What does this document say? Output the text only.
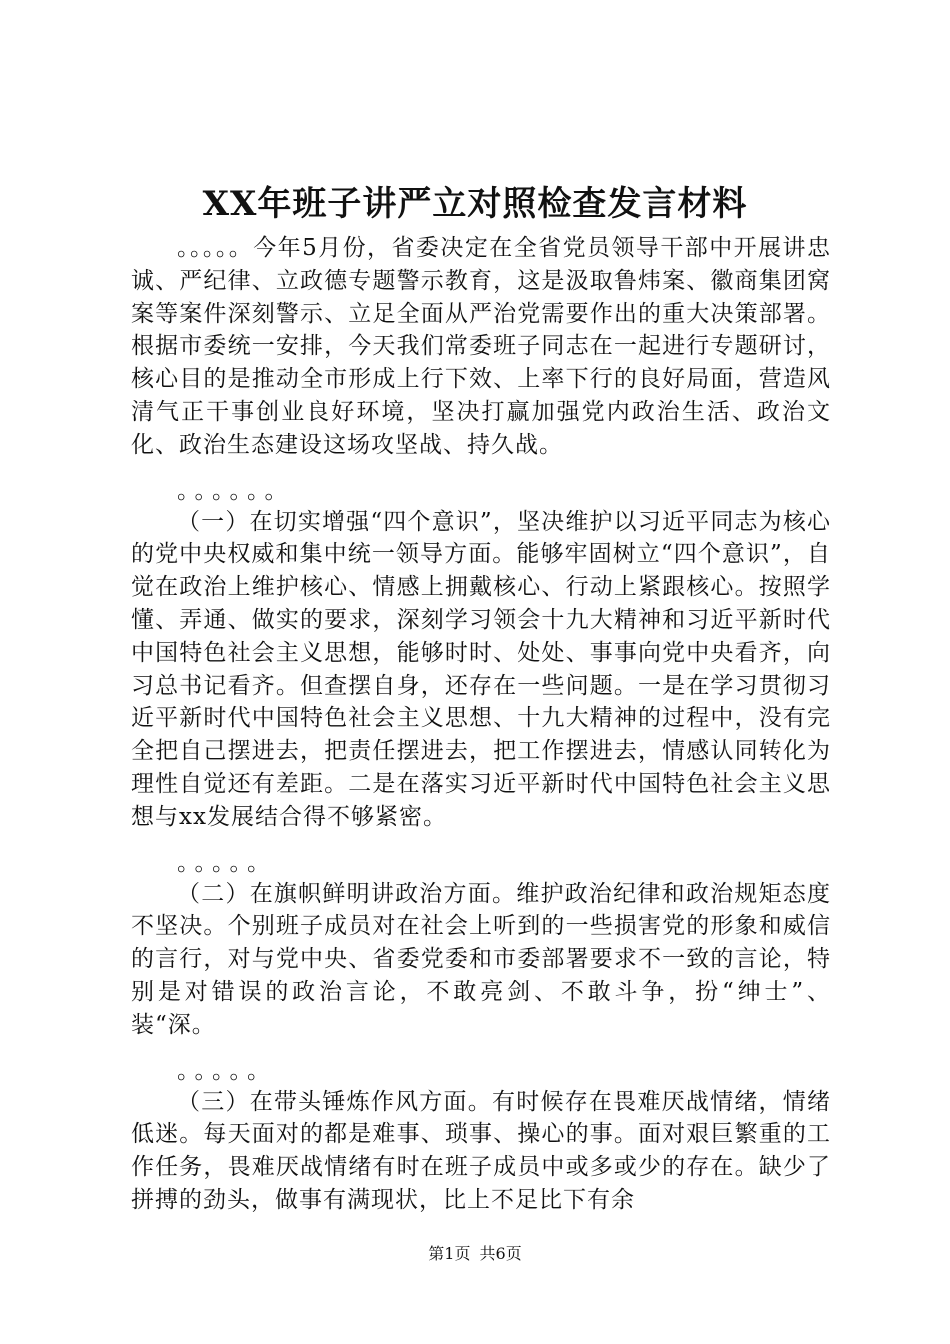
XX年班子讲严立对照检查发言材料

。。。。。今年5月份，省委决定在全省党员领导干部中开展讲忠诚、严纪律、立政德专题警示教育，这是汲取鲁炜案、徽商集团窝案等案件深刻警示、立足全面从严治党需要作出的重大决策部署。根据市委统一安排，今天我们常委班子同志在一起进行专题研讨，核心目的是推动全市形成上行下效、上率下行的良好局面，营造风清气正干事创业良好环境，坚决打赢加强党内政治生活、政治文化、政治生态建设这场攻坚战、持久战。

。。。。。。

（一）在切实增强“四个意识”，坚决维护以习近平同志为核心的党中央权威和集中统一领导方面。能够牢固树立“四个意识”，自觉在政治上维护核心、情感上拥戴核心、行动上紧跟核心。按照学懂、弄通、做实的要求，深刻学习领会十九大精神和习近平新时代中国特色社会主义思想，能够时时、处处、事事向党中央看齐，向习总书记看齐。但查摆自身，还存在一些问题。一是在学习贯彻习近平新时代中国特色社会主义思想、十九大精神的过程中，没有完全把自己摆进去，把责任摆进去，把工作摆进去，情感认同转化为理性自觉还有差距。二是在落实习近平新时代中国特色社会主义思想与xx发展结合得不够紧密。

。。。。。

（二）在旗帜鲜明讲政治方面。维护政治纪律和政治规矩态度不坚决。个别班子成员对在社会上听到的一些损害党的形象和威信的言行，对与党中央、省委党委和市委部署要求不一致的言论，特别是对错误的政治言论，不敢亮剑、不敢斗争，扮“绅士”、装“深。

。。。。。

（三）在带头锤炼作风方面。有时候存在畏难厌战情绪，情绪低迷。每天面对的都是难事、琐事、操心的事。面对艰巨繁重的工作任务，畏难厌战情绪有时在班子成员中或多或少的存在。缺少了拼搏的劲头，做事有满现状，比上不足比下有余

第1页 共6页
